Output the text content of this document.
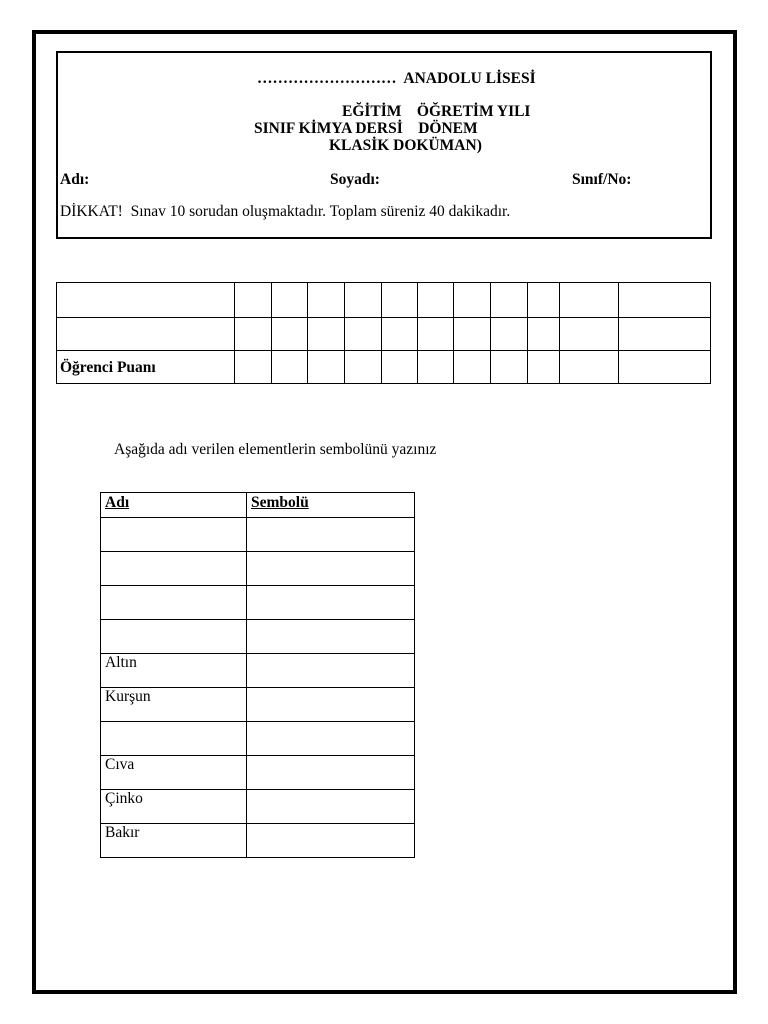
………………………  ANADOLU LİSESİ
EĞİTİM    ÖĞRETİM YILI
SINIF KİMYA DERSİ    DÖNEM
KLASİK DOKÜMAN)
Adı:	Soyadı:	Sınıf/No:
DİKKAT!  Sınav 10 sorudan oluşmaktadır. Toplam süreniz 40 dakikadır.

Öğrenci Puanı											
Aşağıda adı verilen elementlerin sembolünü yazınız
Adı	Sembolü

Altın	
Kurşun	

Cıva	
Çinko	
Bakır	
